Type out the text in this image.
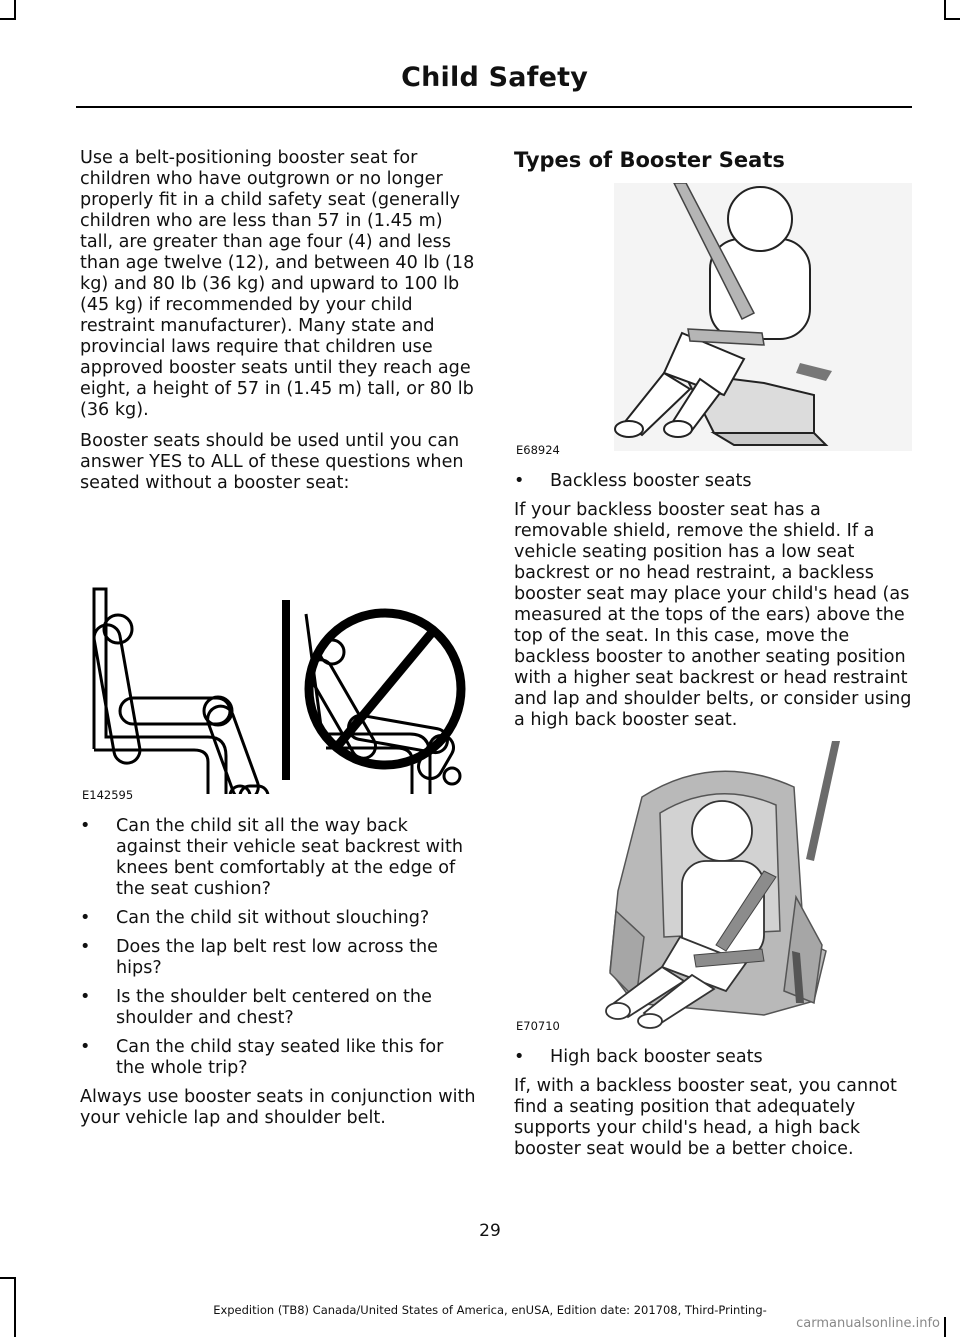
Child Safety

Use a belt-positioning booster seat for children who have outgrown or no longer properly fit in a child safety seat (generally children who are less than 57 in (1.45 m) tall, are greater than age four (4) and less than age twelve (12), and between 40 lb (18 kg) and 80 lb (36 kg) and upward to 100 lb (45 kg) if recommended by your child restraint manufacturer). Many state and provincial laws require that children use approved booster seats until they reach age eight, a height of 57 in (1.45 m) tall, or 80 lb (36 kg).

Booster seats should be used until you can answer YES to ALL of these questions when seated without a booster seat:

E142595
• Can the child sit all the way back against their vehicle seat backrest with knees bent comfortably at the edge of the seat cushion?
• Can the child sit without slouching?
• Does the lap belt rest low across the hips?
• Is the shoulder belt centered on the shoulder and chest?
• Can the child stay seated like this for the whole trip?

Always use booster seats in conjunction with your vehicle lap and shoulder belt.

Types of Booster Seats
E68924
• Backless booster seats

If your backless booster seat has a removable shield, remove the shield. If a vehicle seating position has a low seat backrest or no head restraint, a backless booster seat may place your child's head (as measured at the tops of the ears) above the top of the seat. In this case, move the backless booster to another seating position with a higher seat backrest or head restraint and lap and shoulder belts, or consider using a high back booster seat.

E70710
• High back booster seats

If, with a backless booster seat, you cannot find a seating position that adequately supports your child's head, a high back booster seat would be a better choice.

29
Expedition (TB8) Canada/United States of America, enUSA, Edition date: 201708, Third-Printing-
carmanualsonline.info
